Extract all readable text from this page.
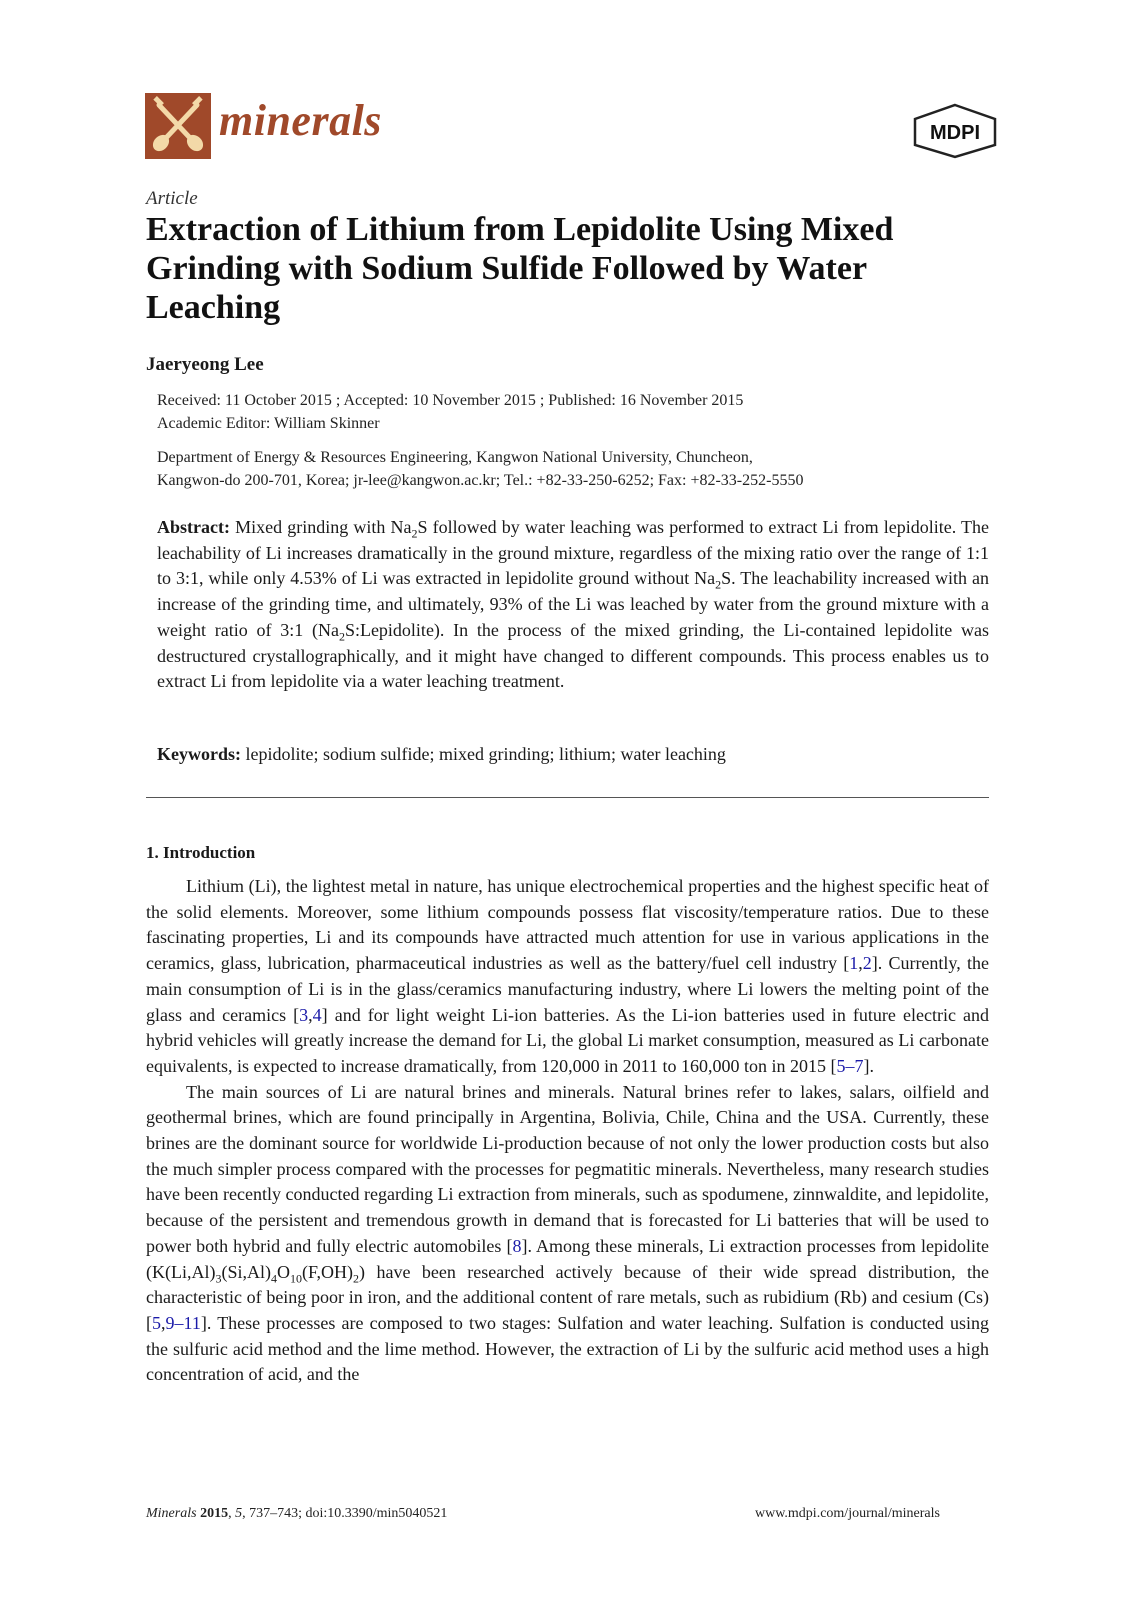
minerals	MDPI
Article
Extraction of Lithium from Lepidolite Using Mixed Grinding with Sodium Sulfide Followed by Water Leaching
Jaeryeong Lee
Received: 11 October 2015 ; Accepted: 10 November 2015 ; Published: 16 November 2015
Academic Editor: William Skinner
Department of Energy & Resources Engineering, Kangwon National University, Chuncheon,
Kangwon-do 200-701, Korea; jr-lee@kangwon.ac.kr; Tel.: +82-33-250-6252; Fax: +82-33-252-5550
Abstract: Mixed grinding with $Na_2S$ followed by water leaching was performed to extract Li from lepidolite. The leachability of Li increases dramatically in the ground mixture, regardless of the mixing ratio over the range of 1:1 to 3:1, while only 4.53% of Li was extracted in lepidolite ground without $Na_2S$. The leachability increased with an increase of the grinding time, and ultimately, 93% of the Li was leached by water from the ground mixture with a weight ratio of 3:1 $(Na_2S:Lepidolite)$. In the process of the mixed grinding, the Li-contained lepidolite was destructured crystallographically, and it might have changed to different compounds. This process enables us to extract Li from lepidolite via a water leaching treatment.
Keywords: lepidolite; sodium sulfide; mixed grinding; lithium; water leaching
1. Introduction

Lithium (Li), the lightest metal in nature, has unique electrochemical properties and the highest specific heat of the solid elements. Moreover, some lithium compounds possess flat viscosity/temperature ratios. Due to these fascinating properties, Li and its compounds have attracted much attention for use in various applications in the ceramics, glass, lubrication, pharmaceutical industries as well as the battery/fuel cell industry [1,2]. Currently, the main consumption of Li is in the glass/ceramics manufacturing industry, where Li lowers the melting point of the glass and ceramics [3,4] and for light weight Li-ion batteries. As the Li-ion batteries used in future electric and hybrid vehicles will greatly increase the demand for Li, the global Li market consumption, measured as Li carbonate equivalents, is expected to increase dramatically, from 120,000 in 2011 to 160,000 ton in 2015 [5–7].

The main sources of Li are natural brines and minerals. Natural brines refer to lakes, salars, oilfield and geothermal brines, which are found principally in Argentina, Bolivia, Chile, China and the USA. Currently, these brines are the dominant source for worldwide Li-production because of not only the lower production costs but also the much simpler process compared with the processes for pegmatitic minerals. Nevertheless, many research studies have been recently conducted regarding Li extraction from minerals, such as spodumene, zinnwaldite, and lepidolite, because of the persistent and tremendous growth in demand that is forecasted for Li batteries that will be used to power both hybrid and fully electric automobiles [8]. Among these minerals, Li extraction processes from lepidolite $(K(Li,Al)_3(Si,Al)_4O_{10}(F,OH)_2)$ have been researched actively because of their wide spread distribution, the characteristic of being poor in iron, and the additional content of rare metals, such as rubidium (Rb) and cesium (Cs) [5,9–11]. These processes are composed to two stages: Sulfation and water leaching. Sulfation is conducted using the sulfuric acid method and the lime method. However, the extraction of Li by the sulfuric acid method uses a high concentration of acid, and the

Minerals 2015, 5, 737–743; doi:10.3390/min5040521	www.mdpi.com/journal/minerals
